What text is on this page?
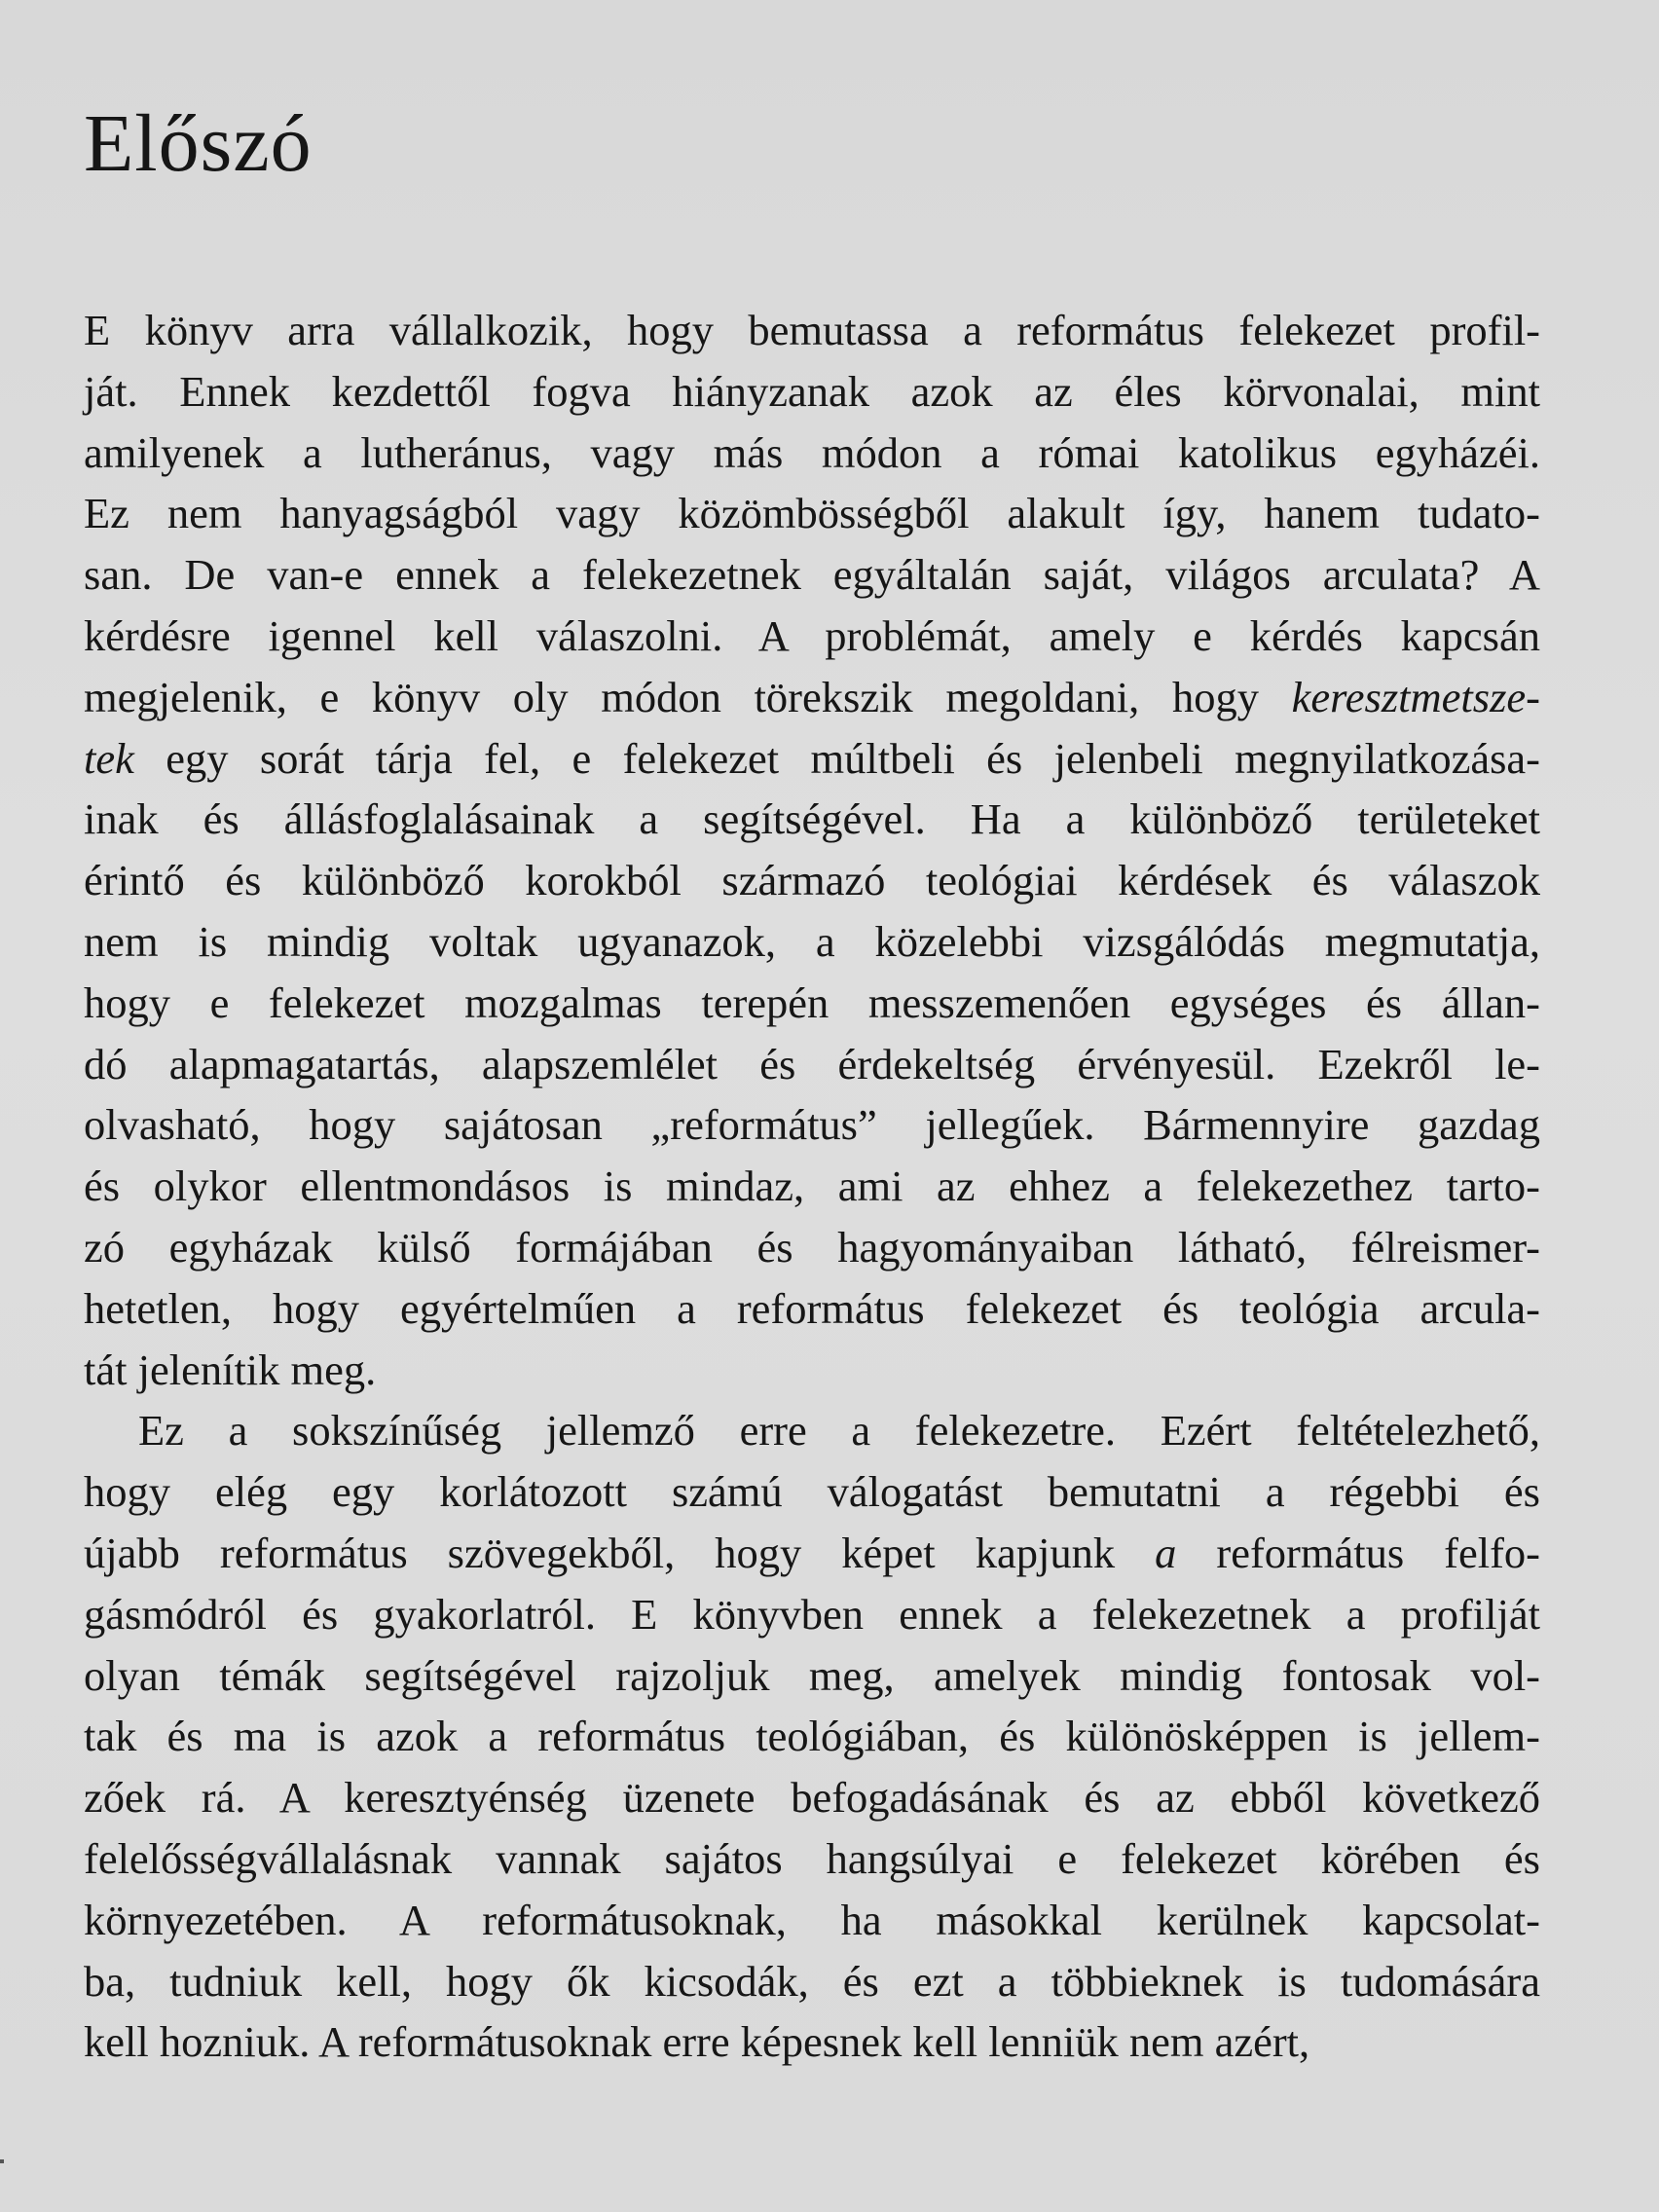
Előszó
E könyv arra vállalkozik, hogy bemutassa a református felekezet profil-
ját. Ennek kezdettől fogva hiányzanak azok az éles körvonalai, mint
amilyenek a lutheránus, vagy más módon a római katolikus egyházéi.
Ez nem hanyagságból vagy közömbösségből alakult így, hanem tudato-
san. De van-e ennek a felekezetnek egyáltalán saját, világos arculata? A
kérdésre igennel kell válaszolni. A problémát, amely e kérdés kapcsán
megjelenik, e könyv oly módon törekszik megoldani, hogy keresztmetsze-
tek egy sorát tárja fel, e felekezet múltbeli és jelenbeli megnyilatkozása-
inak és állásfoglalásainak a segítségével. Ha a különböző területeket
érintő és különböző korokból származó teológiai kérdések és válaszok
nem is mindig voltak ugyanazok, a közelebbi vizsgálódás megmutatja,
hogy e felekezet mozgalmas terepén messzemenően egységes és állan-
dó alapmagatartás, alapszemlélet és érdekeltség érvényesül. Ezekről le-
olvasható, hogy sajátosan „református” jellegűek. Bármennyire gazdag
és olykor ellentmondásos is mindaz, ami az ehhez a felekezethez tarto-
zó egyházak külső formájában és hagyományaiban látható, félreismer-
hetetlen, hogy egyértelműen a református felekezet és teológia arcula-
tát jelenítik meg.
Ez a sokszínűség jellemző erre a felekezetre. Ezért feltételezhető,
hogy elég egy korlátozott számú válogatást bemutatni a régebbi és
újabb református szövegekből, hogy képet kapjunk a református felfo-
gásmódról és gyakorlatról. E könyvben ennek a felekezetnek a profilját
olyan témák segítségével rajzoljuk meg, amelyek mindig fontosak vol-
tak és ma is azok a református teológiában, és különösképpen is jellem-
zőek rá. A keresztyénség üzenete befogadásának és az ebből következő
felelősségvállalásnak vannak sajátos hangsúlyai e felekezet körében és
környezetében. A reformátusoknak, ha másokkal kerülnek kapcsolat-
ba, tudniuk kell, hogy ők kicsodák, és ezt a többieknek is tudomására
kell hozniuk. A reformátusoknak erre képesnek kell lenniük nem azért,
